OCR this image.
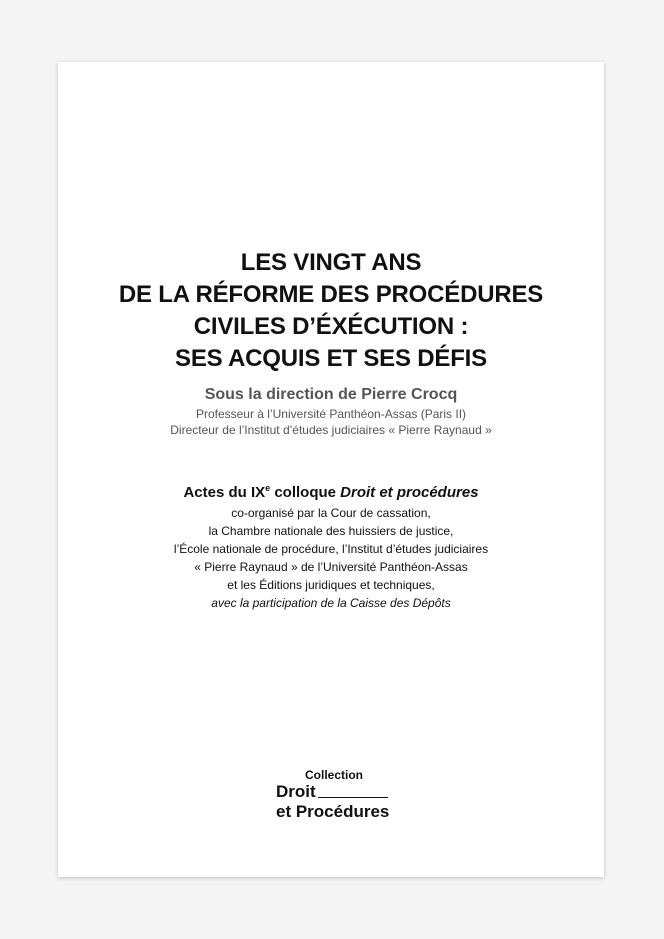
LES VINGT ANS
DE LA RÉFORME DES PROCÉDURES
CIVILES D’ÉXÉCUTION :
SES ACQUIS ET SES DÉFIS
Sous la direction de Pierre Crocq
Professeur à l’Université Panthéon-Assas (Paris II)
Directeur de l’Institut d’études judiciaires « Pierre Raynaud »
Actes du IXe colloque Droit et procédures
co-organisé par la Cour de cassation,
la Chambre nationale des huissiers de justice,
l’École nationale de procédure, l’Institut d’études judiciaires
« Pierre Raynaud » de l’Université Panthéon-Assas
et les Éditions juridiques et techniques,
avec la participation de la Caisse des Dépôts
Collection
Droit
et Procédures
